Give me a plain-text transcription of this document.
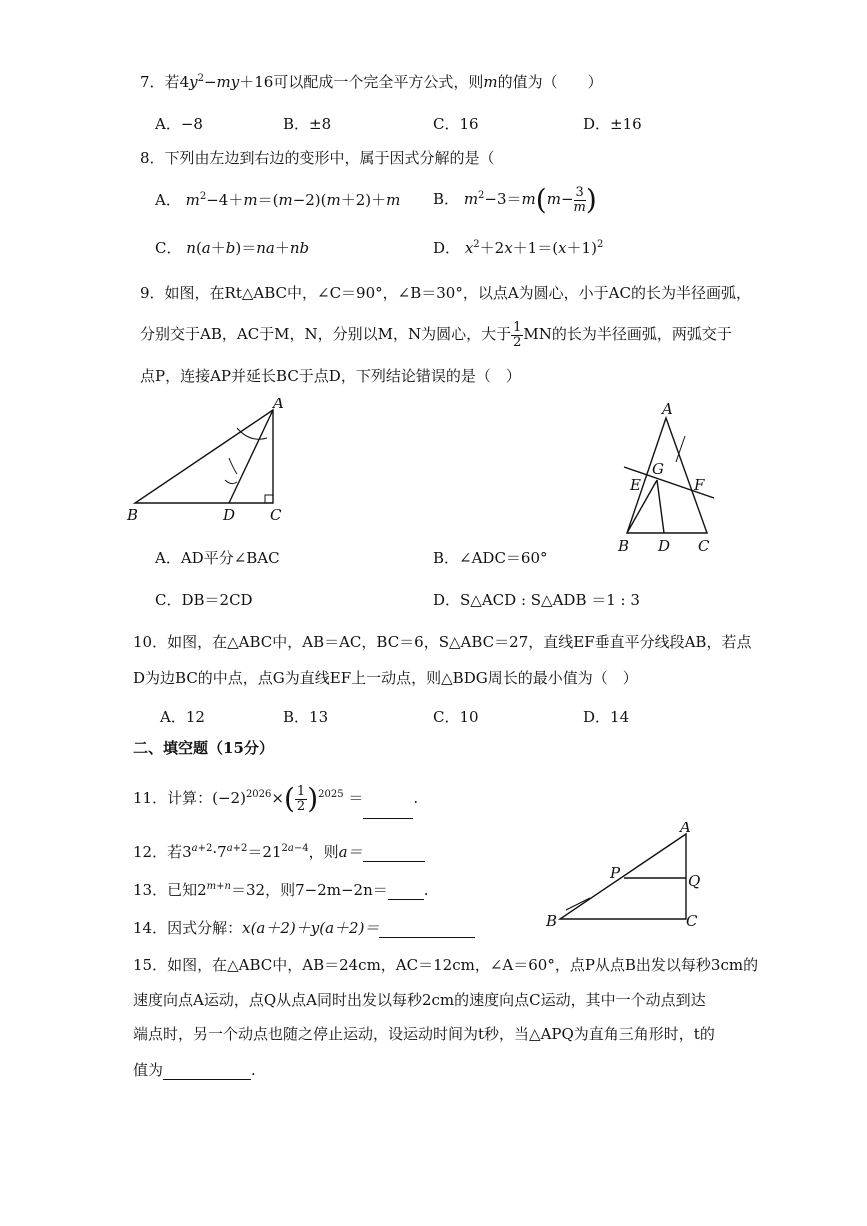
7．若$4y^2-my+16$可以配成一个完全平方公式，则m的值为（　　）
A．−8	B．±8	C．16	D．±16
8．下列由左边到右边的变形中，属于因式分解的是（
A． $m^2-4+m=(m-2)(m+2)+m$ B． $m^2-3=m(m- \frac{3}{m}$ )
C． n(a＋b)＝na＋nb	D． $x^2+2x+1=(x+1)^2$
9．如图，在Rt△ABC中，∠C＝90°，∠B＝30°，以点A为圆心，小于AC的长为半径画弧，
分别交于AB，AC于M，N，分别以M，N为圆心，大于 $\frac{1}{2}$ MN的长为半径画弧，两弧交于
点P，连接AP并延长BC于点D，下列结论错误的是（　）
A
B	D C
A
G
E	F
B D C
A．AD平分∠BAC	B．∠ADC＝60°
C．DB＝2CD	D．S△ACD : S△ADB ＝1 : 3
10．如图，在△ABC中，AB＝AC，BC＝6，S△ABC＝27，直线EF垂直平分线段AB，若点
D为边BC的中点，点G为直线EF上一动点，则△BDG周长的最小值为（　）
A．12	B．13	C．10	D．14
二、填空题（15分）
11．计算：$(-2)^{2026}\times( \frac{1}{2} )^{2025}$ ＝	.
12．若$3^{a+2}\cdot 7^{a+2}=21^{2a-4}$，则a＝
13．已知$2^{m+n}=32$，则7−2m−2n＝ .
14．因式分解：x(a＋2)＋y(a＋2)＝
A
B	C
P	Q
15．如图，在△ABC中，AB＝24cm，AC＝12cm，∠A＝60°，点P从点B出发以每秒3cm的
速度向点A运动，点Q从点A同时出发以每秒2cm的速度向点C运动，其中一个动点到达
端点时，另一个动点也随之停止运动，设运动时间为t秒，当△APQ为直角三角形时，t的
值为	.
